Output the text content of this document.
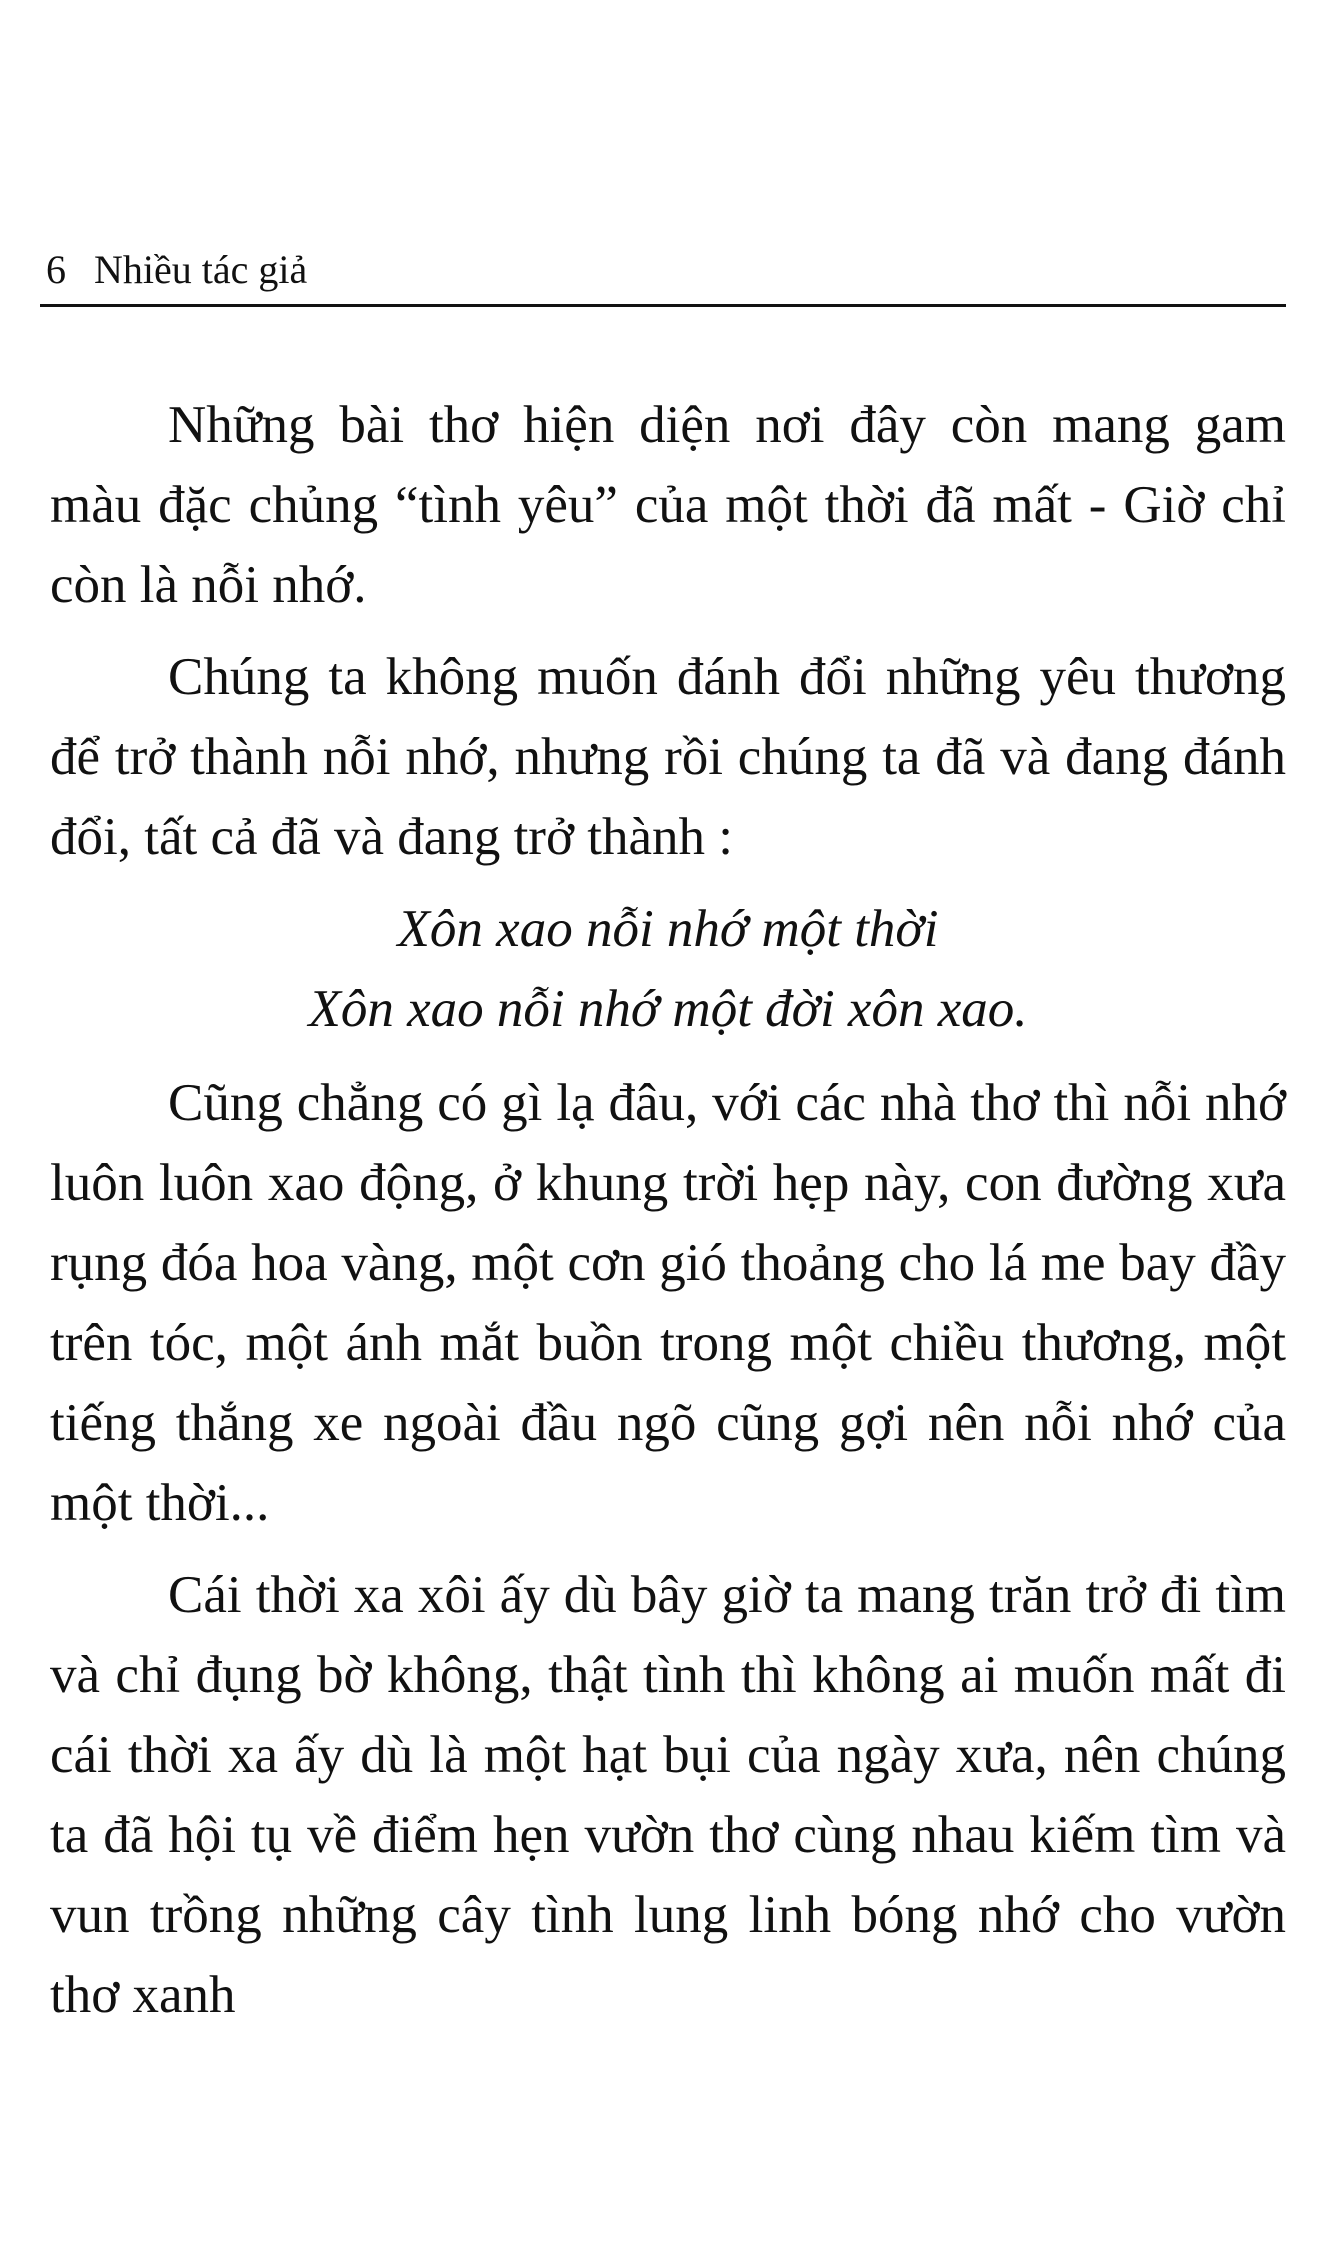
6 Nhiều tác giả

Những bài thơ hiện diện nơi đây còn mang gam màu đặc chủng “tình yêu” của một thời đã mất - Giờ chỉ còn là nỗi nhớ.

Chúng ta không muốn đánh đổi những yêu thương để trở thành nỗi nhớ, nhưng rồi chúng ta đã và đang đánh đổi, tất cả đã và đang trở thành :

Xôn xao nỗi nhớ một thời
Xôn xao nỗi nhớ một đời xôn xao.

Cũng chẳng có gì lạ đâu, với các nhà thơ thì nỗi nhớ luôn luôn xao động, ở khung trời hẹp này, con đường xưa rụng đóa hoa vàng, một cơn gió thoảng cho lá me bay đầy trên tóc, một ánh mắt buồn trong một chiều thương, một tiếng thắng xe ngoài đầu ngõ cũng gợi nên nỗi nhớ của một thời...

Cái thời xa xôi ấy dù bây giờ ta mang trăn trở đi tìm và chỉ đụng bờ không, thật tình thì không ai muốn mất đi cái thời xa ấy dù là một hạt bụi của ngày xưa, nên chúng ta đã hội tụ về điểm hẹn vườn thơ cùng nhau kiếm tìm và vun trồng những cây tình lung linh bóng nhớ cho vườn thơ xanh
